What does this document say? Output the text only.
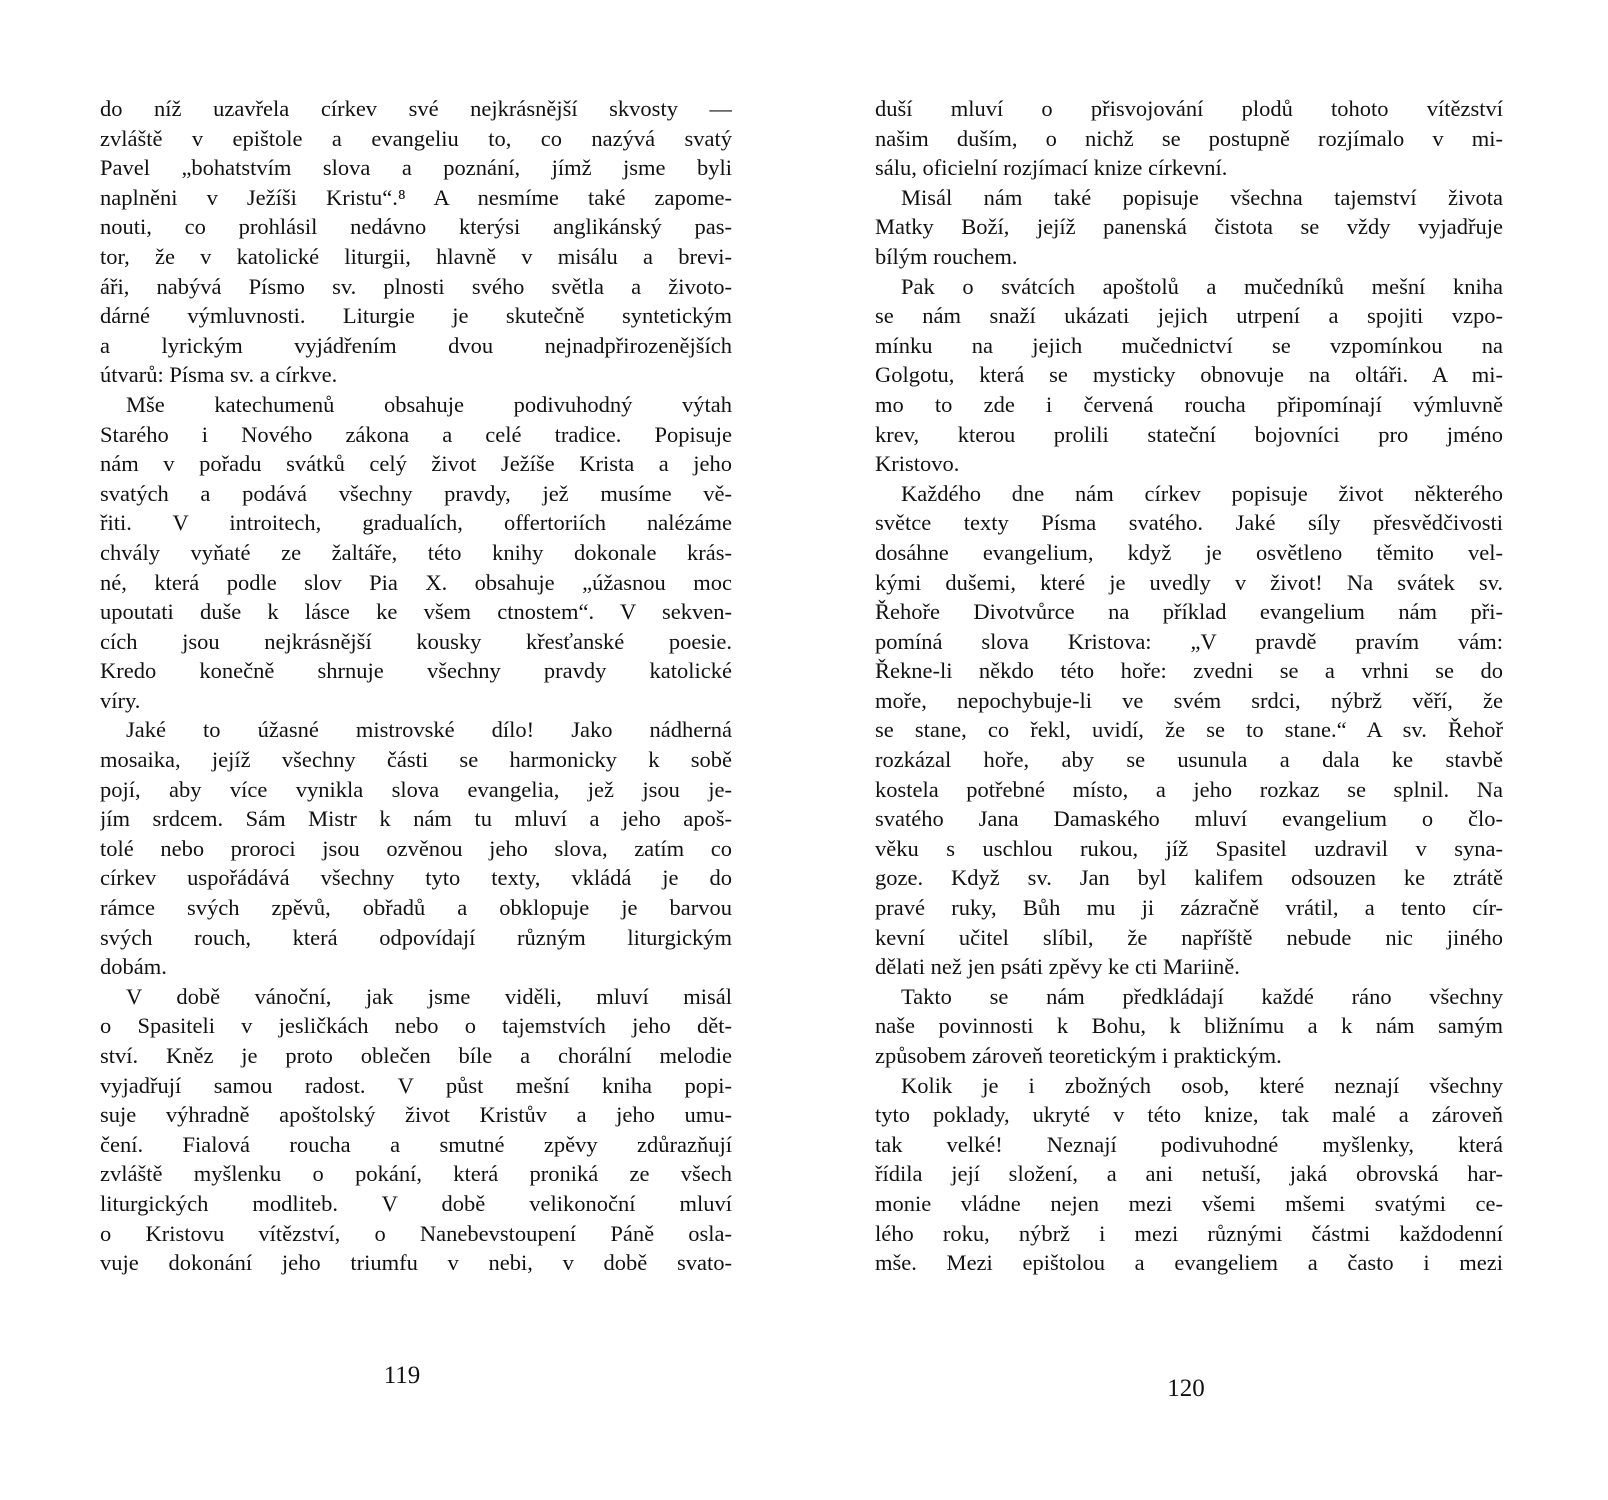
do níž uzavřela církev své nejkrásnější skvosty —
zvláště v epištole a evangeliu to, co nazývá svatý
Pavel „bohatstvím slova a poznání, jímž jsme byli
naplněni v Ježíši Kristu“.⁸ A nesmíme také zapome-
nouti, co prohlásil nedávno kterýsi anglikánský pas-
tor, že v katolické liturgii, hlavně v misálu a brevi-
áři, nabývá Písmo sv. plnosti svého světla a životo-
dárné výmluvnosti. Liturgie je skutečně syntetickým
a lyrickým vyjádřením dvou nejnadpřirozenějších
útvarů: Písma sv. a církve.
Mše katechumenů obsahuje podivuhodný výtah
Starého i Nového zákona a celé tradice. Popisuje
nám v pořadu svátků celý život Ježíše Krista a jeho
svatých a podává všechny pravdy, jež musíme vě-
řiti. V introitech, gradualích, offertoriích nalézáme
chvály vyňaté ze žaltáře, této knihy dokonale krás-
né, která podle slov Pia X. obsahuje „úžasnou moc
upoutati duše k lásce ke všem ctnostem“. V sekven-
cích jsou nejkrásnější kousky křesťanské poesie.
Kredo konečně shrnuje všechny pravdy katolické
víry.
Jaké to úžasné mistrovské dílo! Jako nádherná
mosaika, jejíž všechny části se harmonicky k sobě
pojí, aby více vynikla slova evangelia, jež jsou je-
jím srdcem. Sám Mistr k nám tu mluví a jeho apoš-
tolé nebo proroci jsou ozvěnou jeho slova, zatím co
církev uspořádává všechny tyto texty, vkládá je do
rámce svých zpěvů, obřadů a obklopuje je barvou
svých rouch, která odpovídají různým liturgickým
dobám.
V době vánoční, jak jsme viděli, mluví misál
o Spasiteli v jesličkách nebo o tajemstvích jeho dět-
ství. Kněz je proto oblečen bíle a chorální melodie
vyjadřují samou radost. V půst mešní kniha popi-
suje výhradně apoštolský život Kristův a jeho umu-
čení. Fialová roucha a smutné zpěvy zdůrazňují
zvláště myšlenku o pokání, která proniká ze všech
liturgických modliteb. V době velikonoční mluví
o Kristovu vítězství, o Nanebevstoupení Páně osla-
vuje dokonání jeho triumfu v nebi, v době svato-
119
duší mluví o přisvojování plodů tohoto vítězství
našim duším, o nichž se postupně rozjímalo v mi-
sálu, oficielní rozjímací knize církevní.
Misál nám také popisuje všechna tajemství života
Matky Boží, jejíž panenská čistota se vždy vyjadřuje
bílým rouchem.
Pak o svátcích apoštolů a mučedníků mešní kniha
se nám snaží ukázati jejich utrpení a spojiti vzpo-
mínku na jejich mučednictví se vzpomínkou na
Golgotu, která se mysticky obnovuje na oltáři. A mi-
mo to zde i červená roucha připomínají výmluvně
krev, kterou prolili stateční bojovníci pro jméno
Kristovo.
Každého dne nám církev popisuje život některého
světce texty Písma svatého. Jaké síly přesvědčivosti
dosáhne evangelium, když je osvětleno těmito vel-
kými dušemi, které je uvedly v život! Na svátek sv.
Řehoře Divotvůrce na příklad evangelium nám při-
pomíná slova Kristova: „V pravdě pravím vám:
Řekne-li někdo této hoře: zvedni se a vrhni se do
moře, nepochybuje-li ve svém srdci, nýbrž věří, že
se stane, co řekl, uvidí, že se to stane.“ A sv. Řehoř
rozkázal hoře, aby se usunula a dala ke stavbě
kostela potřebné místo, a jeho rozkaz se splnil. Na
svatého Jana Damaského mluví evangelium o člo-
věku s uschlou rukou, jíž Spasitel uzdravil v syna-
goze. Když sv. Jan byl kalifem odsouzen ke ztrátě
pravé ruky, Bůh mu ji zázračně vrátil, a tento cír-
kevní učitel slíbil, že napříště nebude nic jiného
dělati než jen psáti zpěvy ke cti Mariině.
Takto se nám předkládají každé ráno všechny
naše povinnosti k Bohu, k bližnímu a k nám samým
způsobem zároveň teoretickým i praktickým.
Kolik je i zbožných osob, které neznají všechny
tyto poklady, ukryté v této knize, tak malé a zároveň
tak velké! Neznají podivuhodné myšlenky, která
řídila její složení, a ani netuší, jaká obrovská har-
monie vládne nejen mezi všemi mšemi svatými ce-
lého roku, nýbrž i mezi různými částmi každodenní
mše. Mezi epištolou a evangeliem a často i mezi
120
